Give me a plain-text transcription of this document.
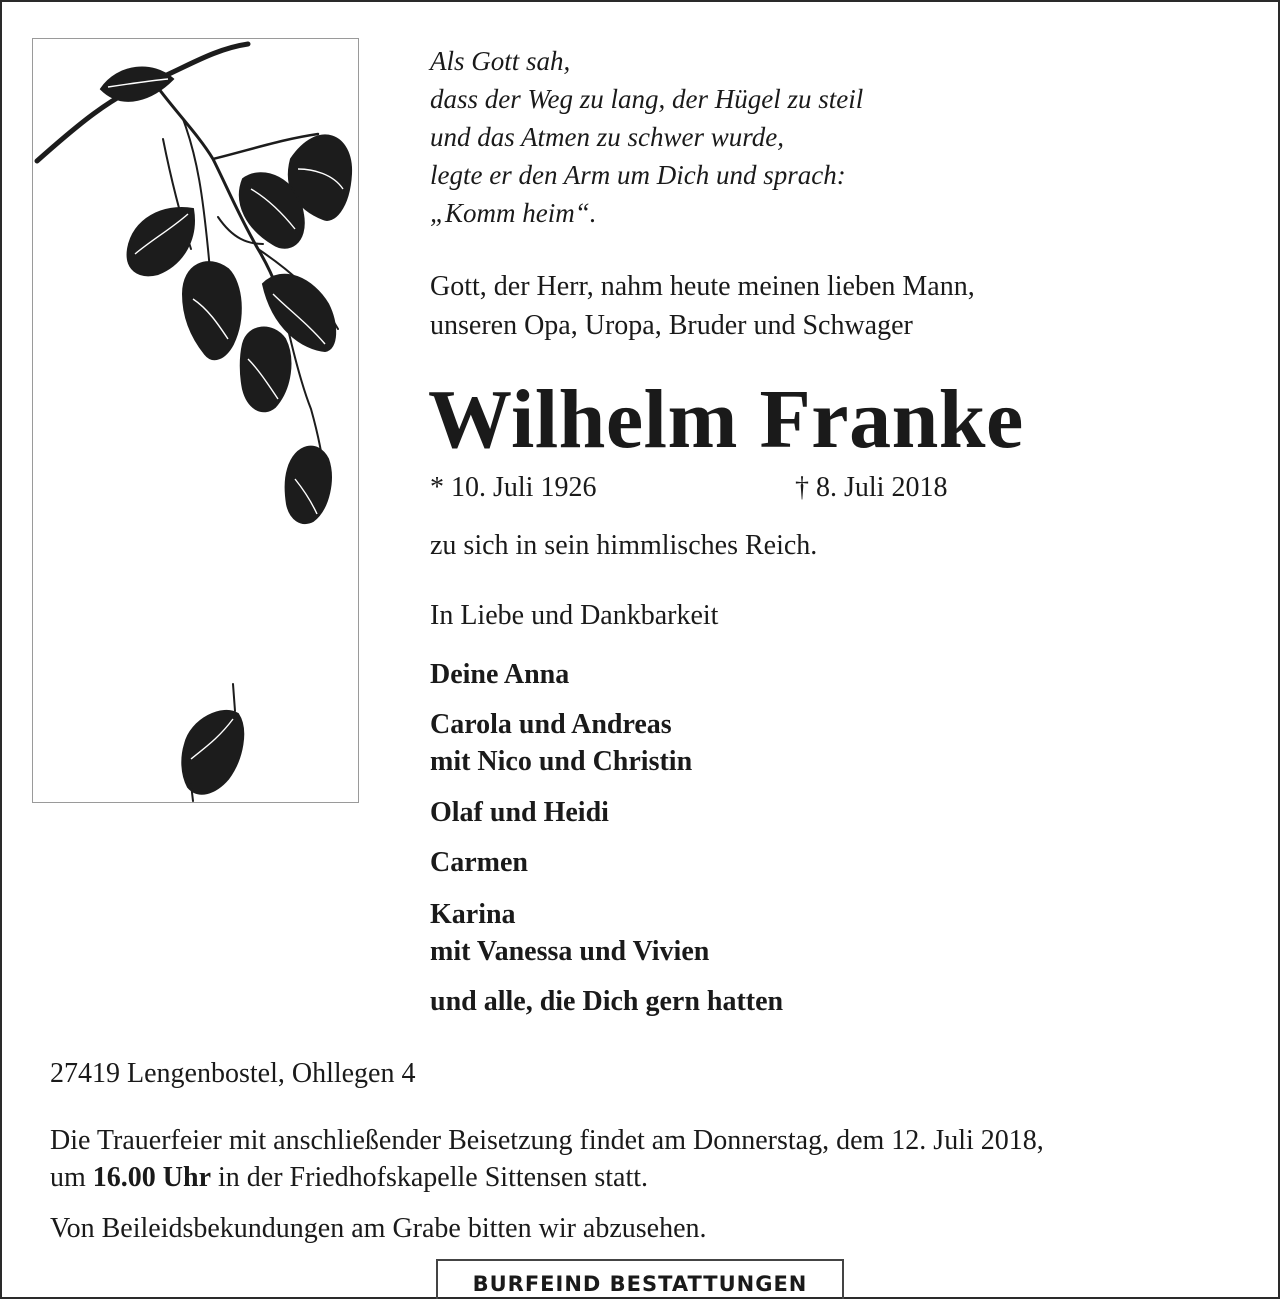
Als Gott sah,
dass der Weg zu lang, der Hügel zu steil
und das Atmen zu schwer wurde,
legte er den Arm um Dich und sprach:
„Komm heim“.
Gott, der Herr, nahm heute meinen lieben Mann,
unseren Opa, Uropa, Bruder und Schwager
Wilhelm Franke
* 10. Juli 1926	† 8. Juli 2018
zu sich in sein himmlisches Reich.
In Liebe und Dankbarkeit
Deine Anna
Carola und Andreas
mit Nico und Christin
Olaf und Heidi
Carmen
Karina
mit Vanessa und Vivien
und alle, die Dich gern hatten
27419 Lengenbostel, Ohllegen 4
Die Trauerfeier mit anschließender Beisetzung findet am Donnerstag, dem 12. Juli 2018,
um 16.00 Uhr in der Friedhofskapelle Sittensen statt.
Von Beileidsbekundungen am Grabe bitten wir abzusehen.
BURFEIND BESTATTUNGEN
